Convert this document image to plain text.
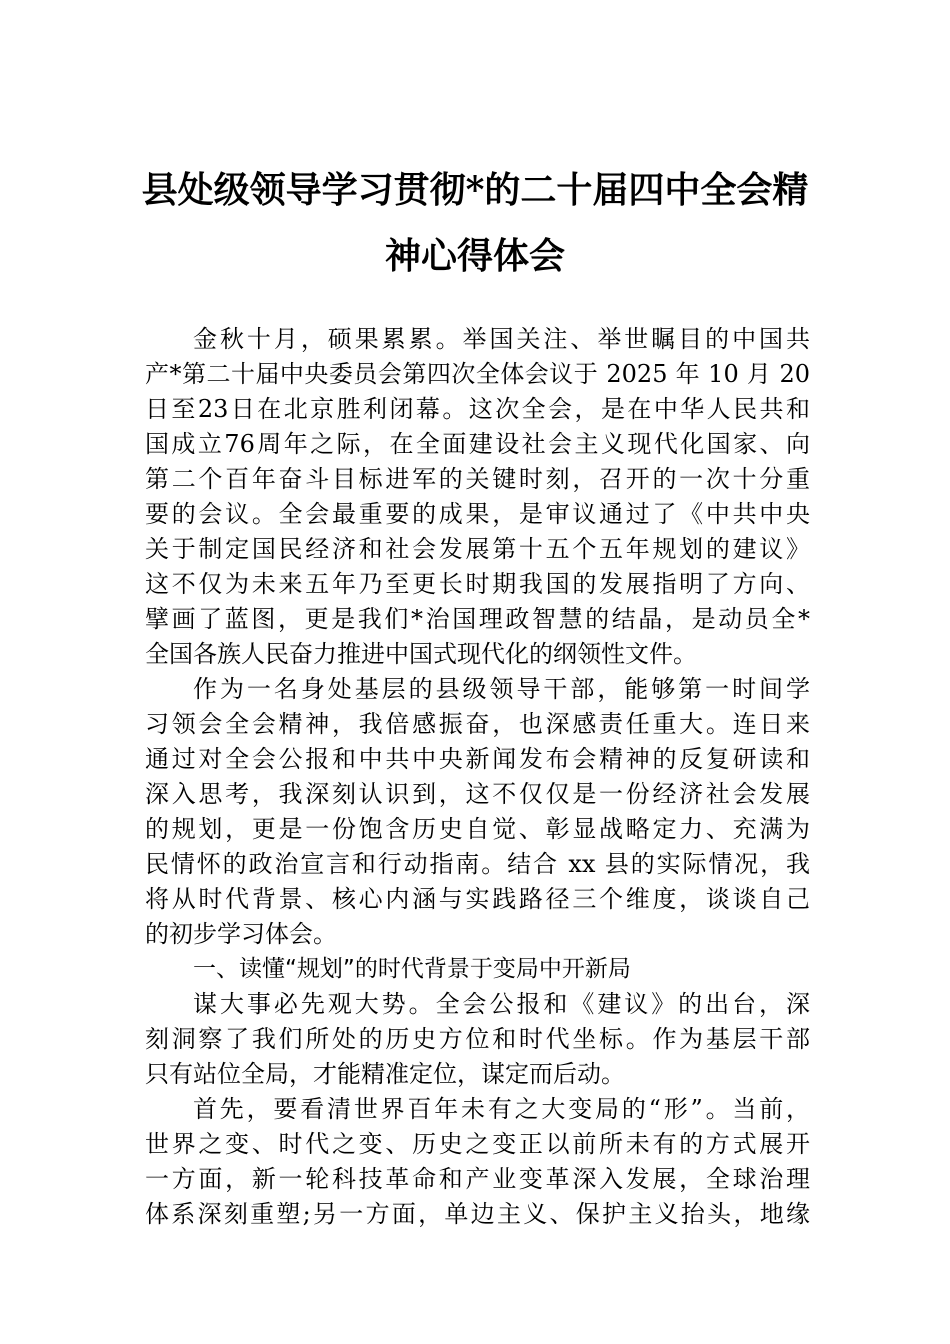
县处级领导学习贯彻*的二十届四中全会精
神心得体会
金秋十月，硕果累累。举国关注、举世瞩目的中国共
产*第二十届中央委员会第四次全体会议于 2025 年 10 月 20
日至23日在北京胜利闭幕。这次全会，是在中华人民共和
国成立76周年之际，在全面建设社会主义现代化国家、向
第二个百年奋斗目标进军的关键时刻，召开的一次十分重
要的会议。全会最重要的成果，是审议通过了《中共中央
关于制定国民经济和社会发展第十五个五年规划的建议》
这不仅为未来五年乃至更长时期我国的发展指明了方向、
擘画了蓝图，更是我们*治国理政智慧的结晶，是动员全*
全国各族人民奋力推进中国式现代化的纲领性文件。
作为一名身处基层的县级领导干部，能够第一时间学
习领会全会精神，我倍感振奋，也深感责任重大。连日来
通过对全会公报和中共中央新闻发布会精神的反复研读和
深入思考，我深刻认识到，这不仅仅是一份经济社会发展
的规划，更是一份饱含历史自觉、彰显战略定力、充满为
民情怀的政治宣言和行动指南。结合 xx 县的实际情况，我
将从时代背景、核心内涵与实践路径三个维度，谈谈自己
的初步学习体会。
一、读懂“规划”的时代背景于变局中开新局
谋大事必先观大势。全会公报和《建议》的出台，深
刻洞察了我们所处的历史方位和时代坐标。作为基层干部
只有站位全局，才能精准定位，谋定而后动。
首先，要看清世界百年未有之大变局的“形”。当前，
世界之变、时代之变、历史之变正以前所未有的方式展开
一方面，新一轮科技革命和产业变革深入发展，全球治理
体系深刻重塑;另一方面，单边主义、保护主义抬头，地缘
